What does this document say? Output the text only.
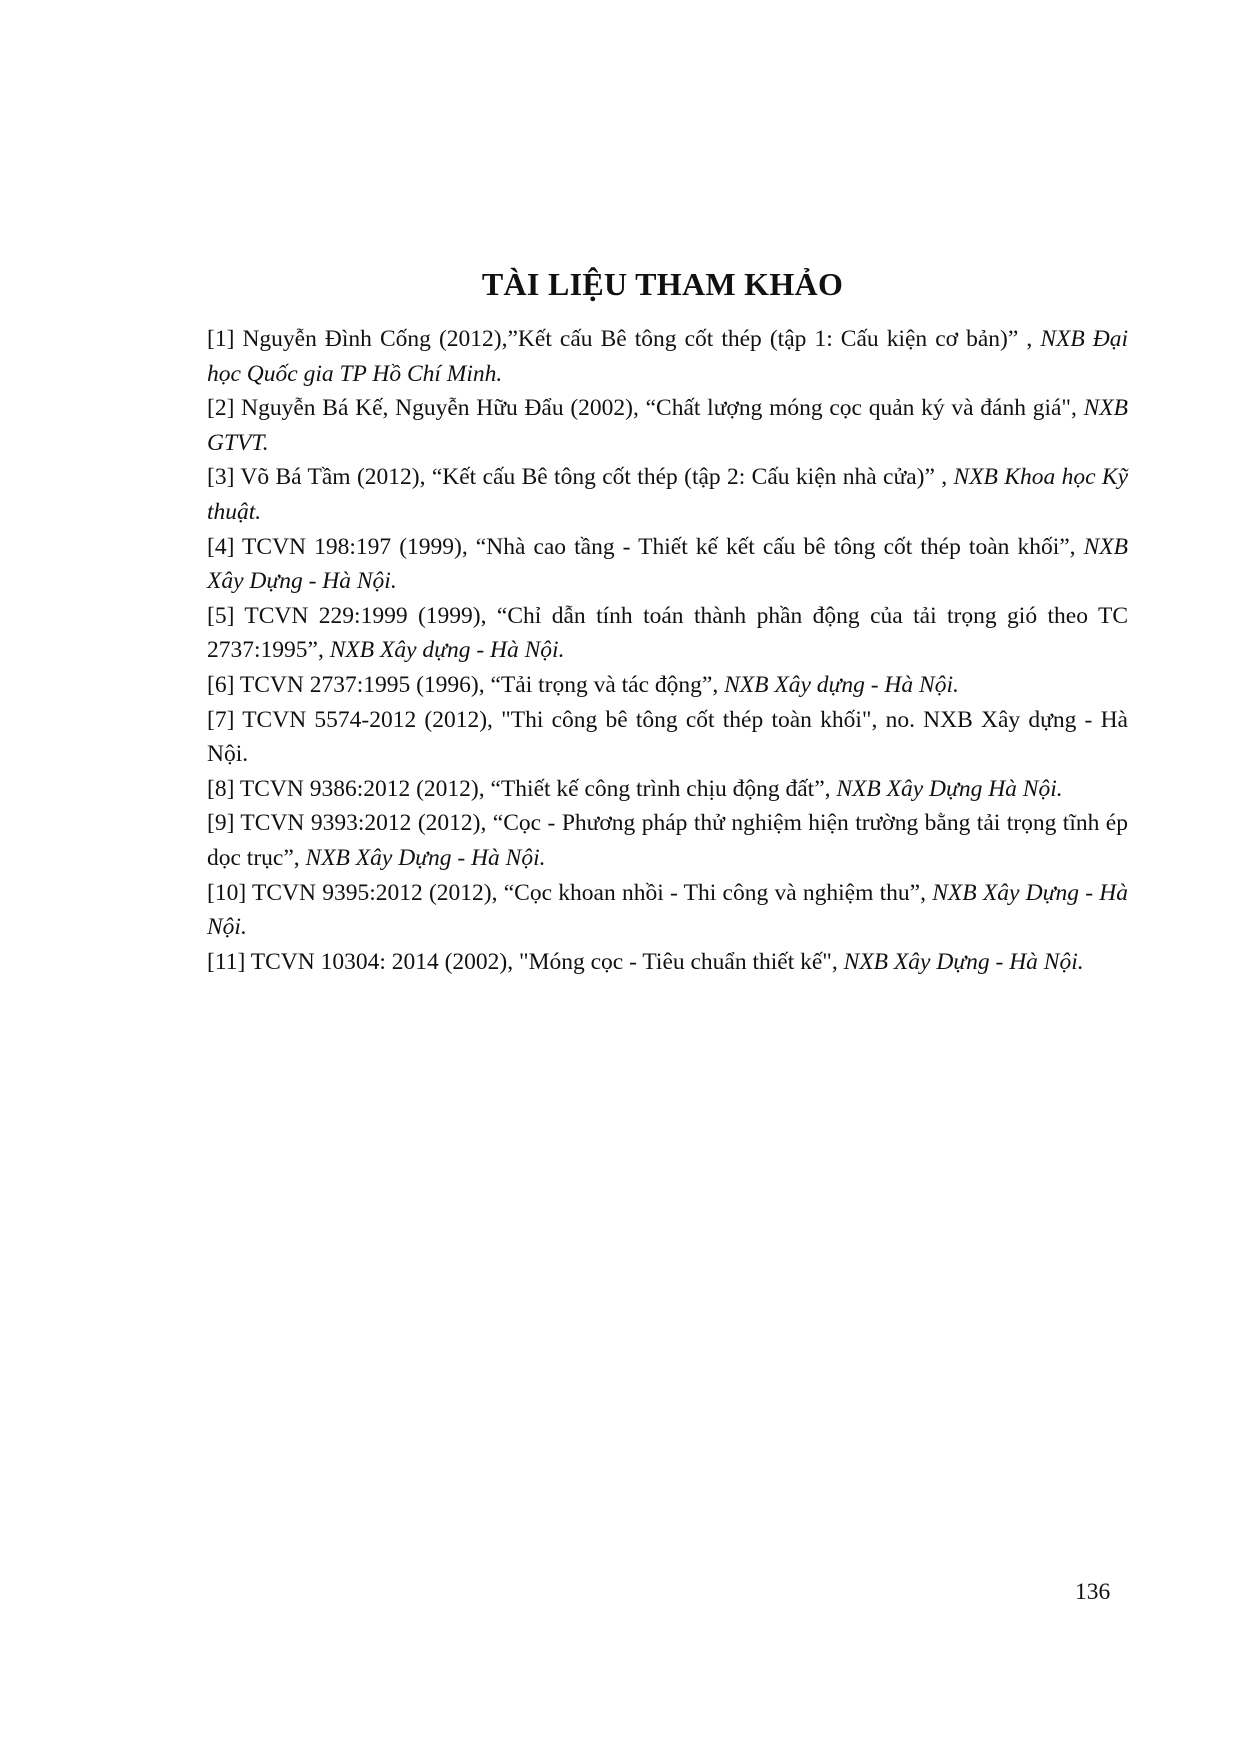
TÀI LIỆU THAM KHẢO

[1] Nguyễn Đình Cống (2012),”Kết cấu Bê tông cốt thép (tập 1: Cấu kiện cơ bản)” , NXB Đại học Quốc gia TP Hồ Chí Minh.

[2] Nguyễn Bá Kế, Nguyễn Hữu Đẩu (2002), “Chất lượng móng cọc quản ký và đánh giá", NXB GTVT.

[3] Võ Bá Tầm (2012), “Kết cấu Bê tông cốt thép (tập 2: Cấu kiện nhà cửa)” , NXB Khoa học Kỹ thuật.

[4] TCVN 198:197 (1999), “Nhà cao tầng - Thiết kế kết cấu bê tông cốt thép toàn khối”, NXB Xây Dựng - Hà Nội.

[5] TCVN 229:1999 (1999), “Chỉ dẫn tính toán thành phần động của tải trọng gió theo TC 2737:1995”, NXB Xây dựng - Hà Nội.

[6] TCVN 2737:1995 (1996), “Tải trọng và tác động”, NXB Xây dựng - Hà Nội.

[7] TCVN 5574-2012 (2012), "Thi công bê tông cốt thép toàn khối", no. NXB Xây dựng - Hà Nội.

[8] TCVN 9386:2012 (2012), “Thiết kế công trình chịu động đất”, NXB Xây Dựng Hà Nội.

[9] TCVN 9393:2012 (2012), “Cọc - Phương pháp thử nghiệm hiện trường bằng tải trọng tĩnh ép dọc trục”, NXB Xây Dựng - Hà Nội.

[10] TCVN 9395:2012 (2012), “Cọc khoan nhồi - Thi công và nghiệm thu”, NXB Xây Dựng - Hà Nội.

[11] TCVN 10304: 2014 (2002), "Móng cọc - Tiêu chuẩn thiết kế", NXB Xây Dựng - Hà Nội.

136
